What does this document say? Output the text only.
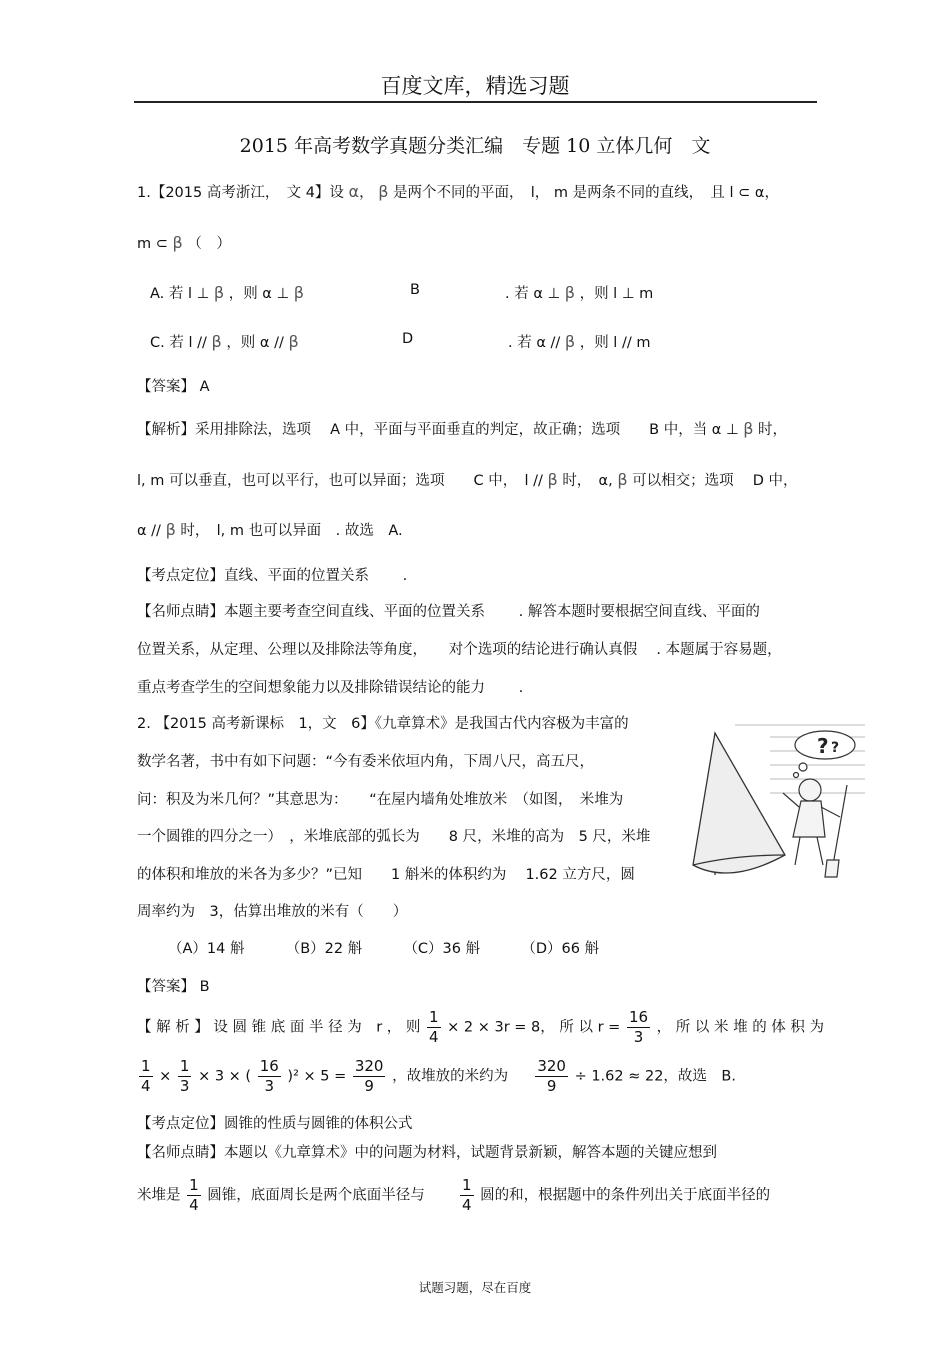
百度文库，精选习题
2015 年高考数学真题分类汇编　专题 10 立体几何　文
1.【2015 高考浙江，　文 4】设 α， β 是两个不同的平面，　l， m 是两条不同的直线，　且 l ⊂ α，
m ⊂ β （　）
A. 若 l ⊥ β ，则 α ⊥ β	B	. 若 α ⊥ β ，则 l ⊥ m
C. 若 l // β ，则 α // β	D	. 若 α // β ，则 l // m
【答案】 A
【解析】采用排除法，选项　 A 中，平面与平面垂直的判定，故正确；选项　　B 中，当 α ⊥ β 时，
l, m 可以垂直，也可以平行，也可以异面；选项　　C 中，　l // β 时，　α, β 可以相交；选项　 D 中，
α // β 时，　l, m 也可以异面　. 故选　A.
【考点定位】直线、平面的位置关系　　 .
【名师点睛】本题主要考查空间直线、平面的位置关系　　 . 解答本题时要根据空间直线、平面的
位置关系，从定理、公理以及排除法等角度，　　对个选项的结论进行确认真假　 . 本题属于容易题，
重点考查学生的空间想象能力以及排除错误结论的能力　　 .
2. 【2015 高考新课标　1，文　6】《九章算术》是我国古代内容极为丰富的
数学名著，书中有如下问题：“今有委米依垣内角，下周八尺，高五尺，
问：积及为米几何？”其意思为：　　“在屋内墙角处堆放米　（如图，　米堆为
一个圆锥的四分之一）　，米堆底部的弧长为　　8 尺，米堆的高为　5 尺，米堆
的体积和堆放的米各为多少？”已知　　1 斛米的体积约为　 1.62 立方尺，圆
周率约为　3，估算出堆放的米有（　　）
? ?
（A）14 斛	（B）22 斛	（C）36 斛	（D）66 斛
【答案】 B
【 解 析 】 设 圆 锥 底 面 半 径 为　r ， 则 $\frac{1}{4} \times 2 \times 3r = 8$， 所 以 $r = \frac{16}{3}$ ， 所 以 米 堆 的 体 积 为
$\frac{1}{4} \times \frac{1}{3} \times 3$ × ( $\frac{16}{3} )^2 \times 5 = \frac{320}{9}$ ，故堆放的米约为 $\frac{320}{9} \div 1.62 \approx 22$，故选　B.
【考点定位】圆锥的性质与圆锥的体积公式
【名师点睛】本题以《九章算术》中的问题为材料，试题背景新颖，解答本题的关键应想到
米堆是 $\frac{1}{4}$ 圆锥，底面周长是两个底面半径与 $\frac{1}{4}$ 圆的和，根据题中的条件列出关于底面半径的
试题习题，尽在百度
